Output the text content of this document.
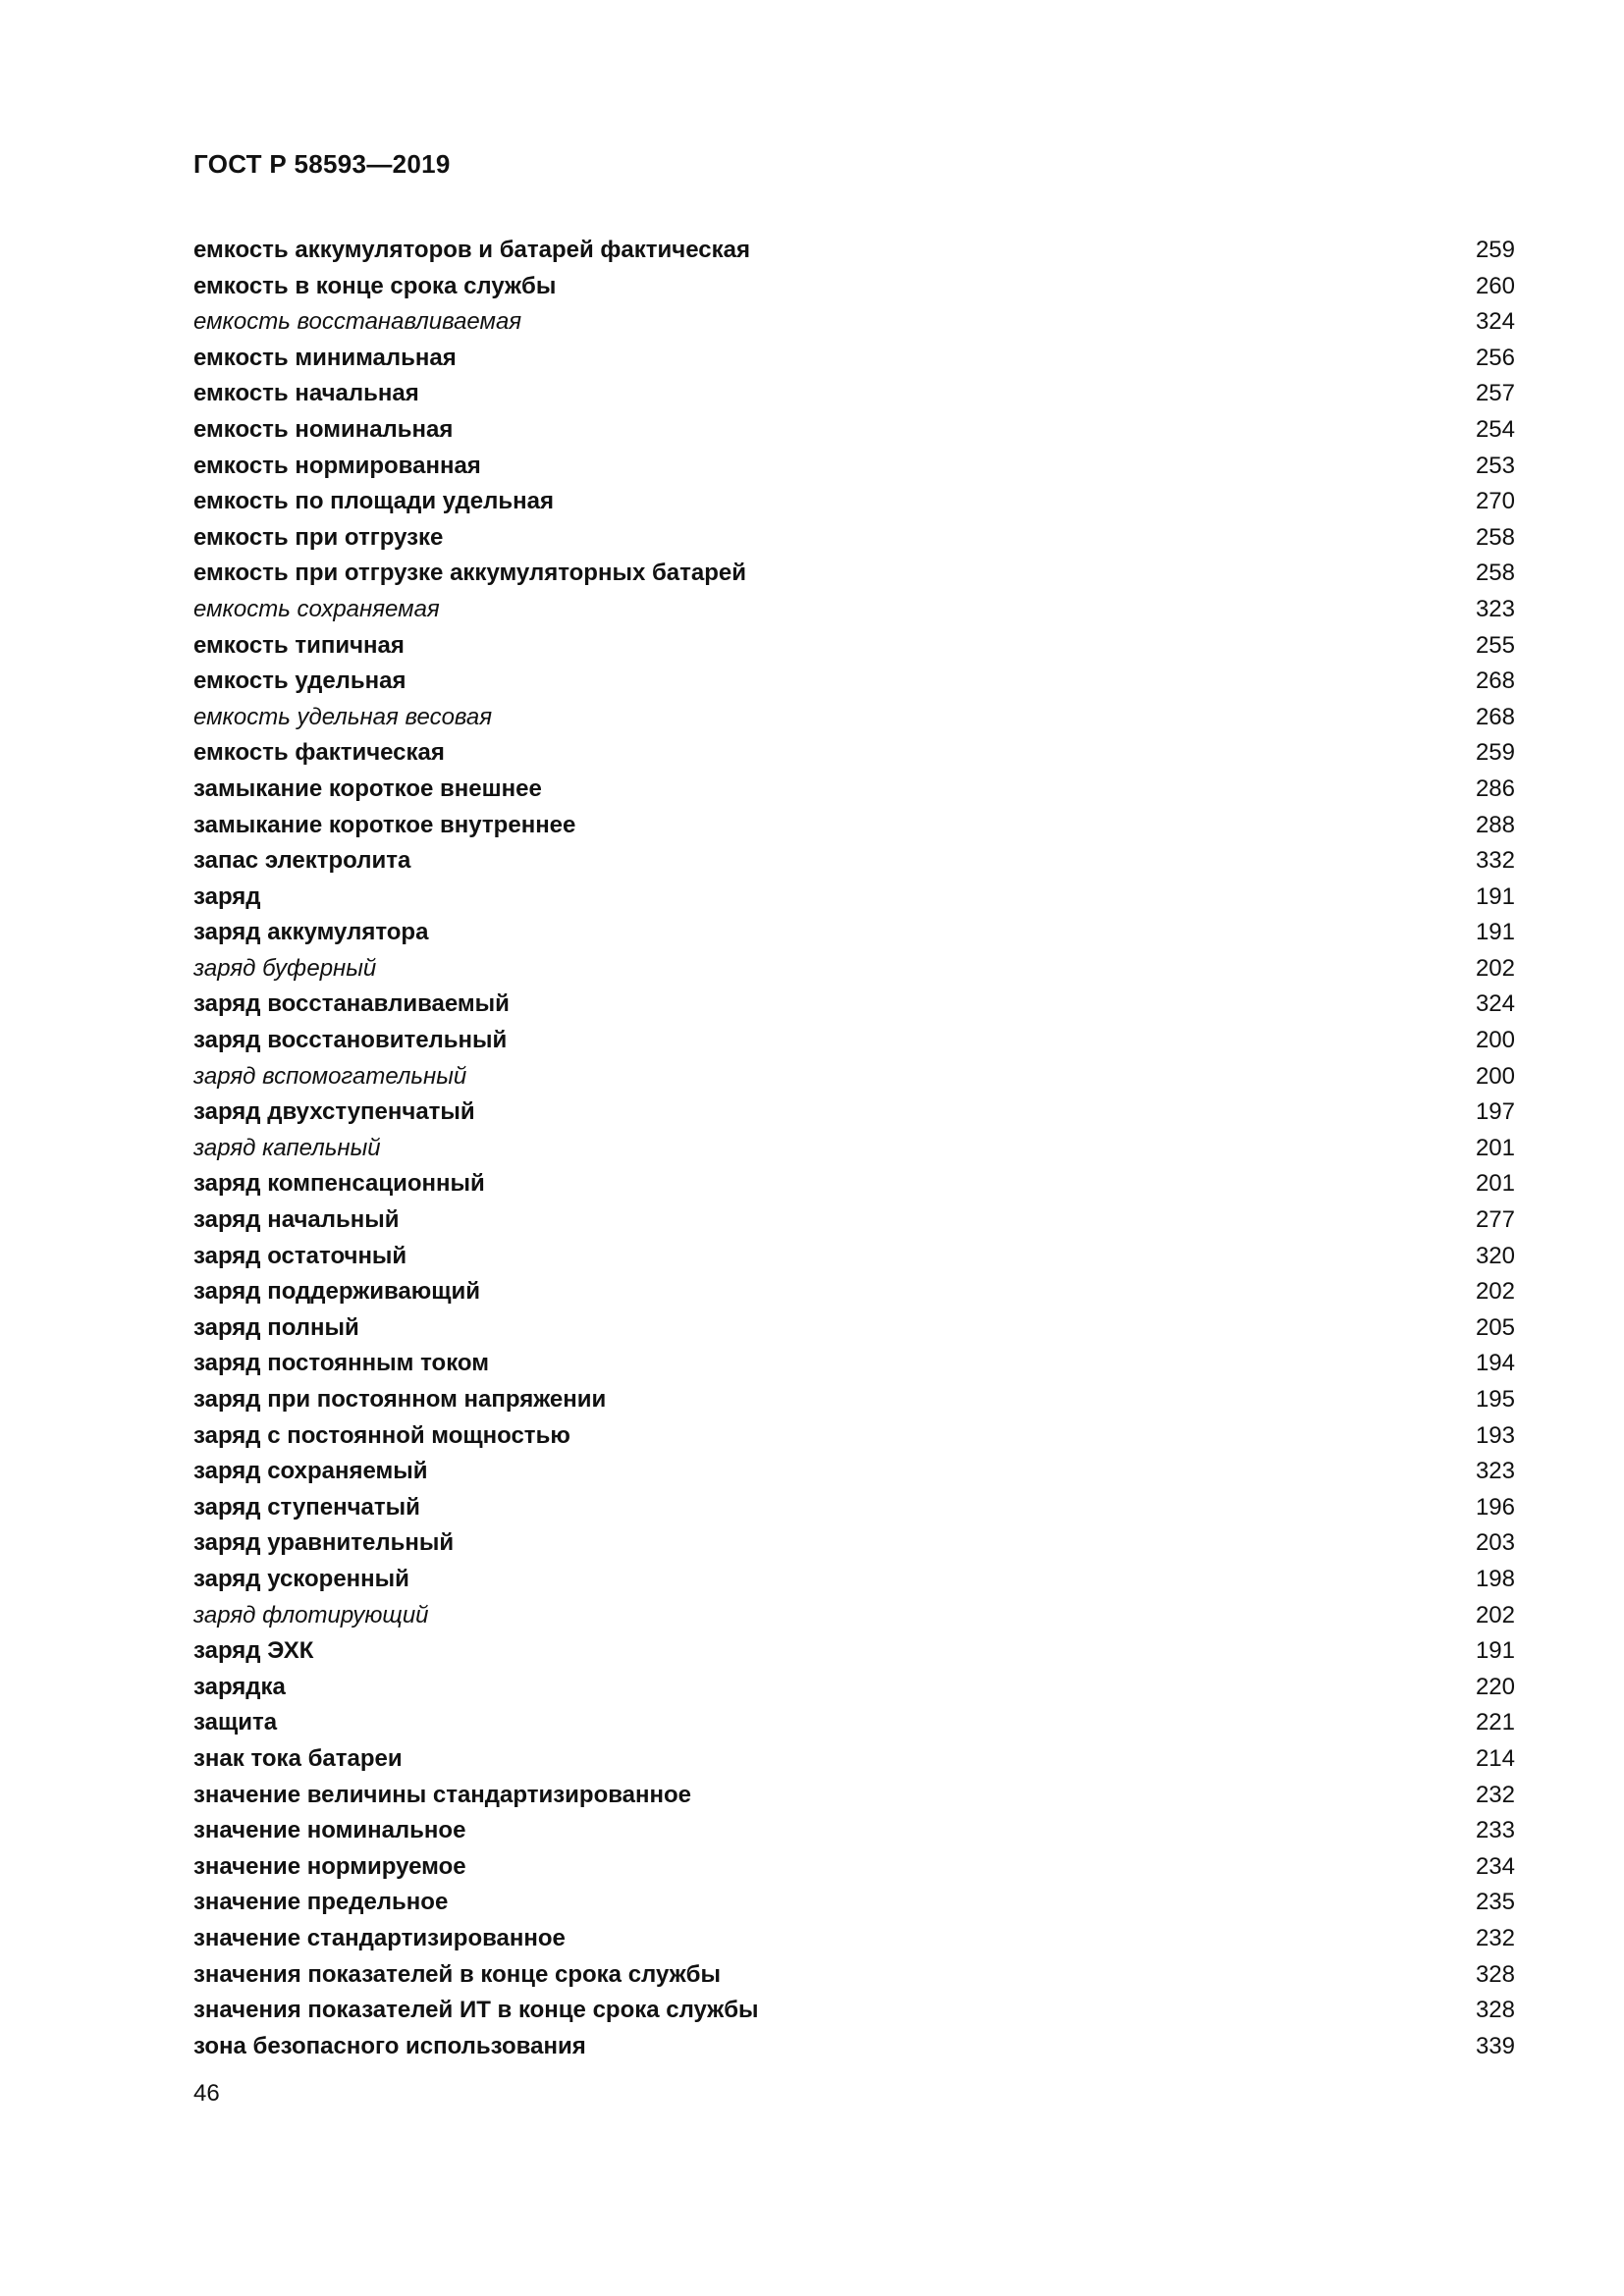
ГОСТ Р 58593—2019
емкость аккумуляторов и батарей фактическая	259
емкость в конце срока службы	260
емкость восстанавливаемая	324
емкость минимальная	256
емкость начальная	257
емкость номинальная	254
емкость нормированная	253
емкость по площади удельная	270
емкость при отгрузке	258
емкость при отгрузке аккумуляторных батарей	258
емкость сохраняемая	323
емкость типичная	255
емкость удельная	268
емкость удельная весовая	268
емкость фактическая	259
замыкание короткое внешнее	286
замыкание короткое внутреннее	288
запас электролита	332
заряд	191
заряд аккумулятора	191
заряд буферный	202
заряд восстанавливаемый	324
заряд восстановительный	200
заряд вспомогательный	200
заряд двухступенчатый	197
заряд капельный	201
заряд компенсационный	201
заряд начальный	277
заряд остаточный	320
заряд поддерживающий	202
заряд полный	205
заряд постоянным током	194
заряд при постоянном напряжении	195
заряд с постоянной мощностью	193
заряд сохраняемый	323
заряд ступенчатый	196
заряд уравнительный	203
заряд ускоренный	198
заряд флотирующий	202
заряд ЭХК	191
зарядка	220
защита	221
знак тока батареи	214
значение величины стандартизированное	232
значение номинальное	233
значение нормируемое	234
значение предельное	235
значение стандартизированное	232
значения показателей в конце срока службы	328
значения показателей ИТ в конце срока службы	328
зона безопасного использования	339

46
